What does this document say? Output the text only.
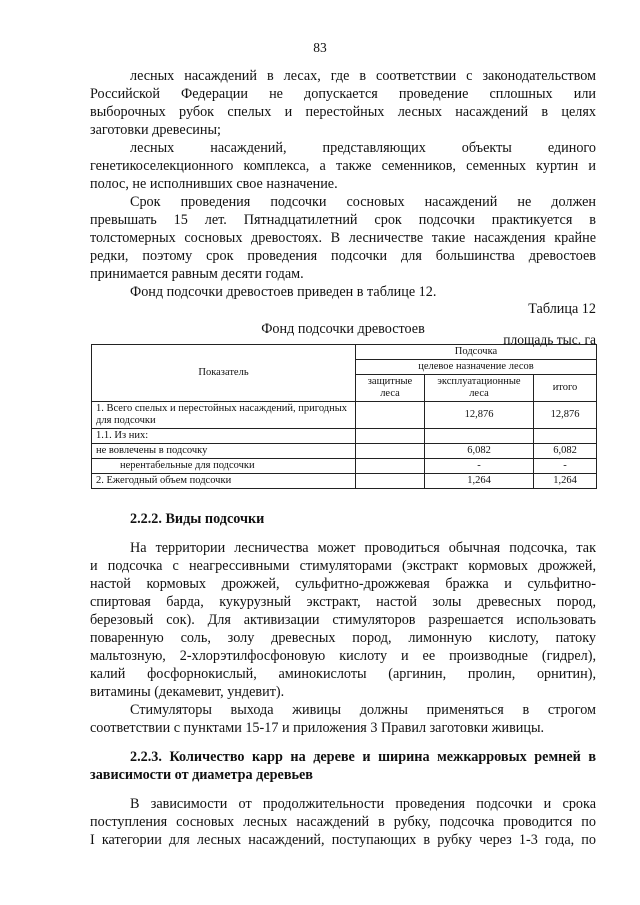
83
лесных насаждений в лесах, где в соответствии с законодательством
Российской Федерации не допускается проведение сплошных или
выборочных рубок спелых и перестойных лесных насаждений в целях
заготовки древесины;
лесных насаждений, представляющих объекты единого
генетикоселекционного комплекса, а также семенников, семенных куртин и
полос, не исполнивших свое назначение.
Срок проведения подсочки сосновых насаждений не должен
превышать 15 лет. Пятнадцатилетний срок подсочки практикуется в
толстомерных сосновых древостоях. В лесничестве такие насаждения крайне
редки, поэтому срок проведения подсочки для большинства древостоев
принимается равным десяти годам.
Фонд подсочки древостоев приведен в таблице 12.
Таблица 12
Фонд подсочки древостоев
площадь тыс. га
Показатель	Подсочка		
	целевое назначение лесов		
	защитные леса	эксплуатационные леса	итого
1. Всего спелых и перестойных насаждений, пригодных для подсочки		12,876	12,876
1.1. Из них:			
не вовлечены в подсочку		6,082	6,082
нерентабельные для подсочки		-	-
2. Ежегодный объем подсочки		1,264	1,264
2.2.2. Виды подсочки
На территории лесничества может проводиться обычная подсочка, так
и подсочка с неагрессивными стимуляторами (экстракт кормовых дрожжей,
настой кормовых дрожжей, сульфитно-дрожжевая бражка и сульфитно-
спиртовая барда, кукурузный экстракт, настой золы древесных пород,
березовый сок). Для активизации стимуляторов разрешается использовать
поваренную соль, золу древесных пород, лимонную кислоту, патоку
мальтозную, 2-хлорэтилфосфоновую кислоту и ее производные (гидрел),
калий фосфорнокислый, аминокислоты (аргинин, пролин, орнитин),
витамины (декамевит, ундевит).
Стимуляторы выхода живицы должны применяться в строгом
соответствии с пунктами 15-17 и приложения 3 Правил заготовки живицы.
2.2.3. Количество карр на дереве и ширина межкарровых ремней в
зависимости от диаметра деревьев
В зависимости от продолжительности проведения подсочки и срока
поступления сосновых лесных насаждений в рубку, подсочка проводится по
I категории для лесных насаждений, поступающих в рубку через 1-3 года, по
